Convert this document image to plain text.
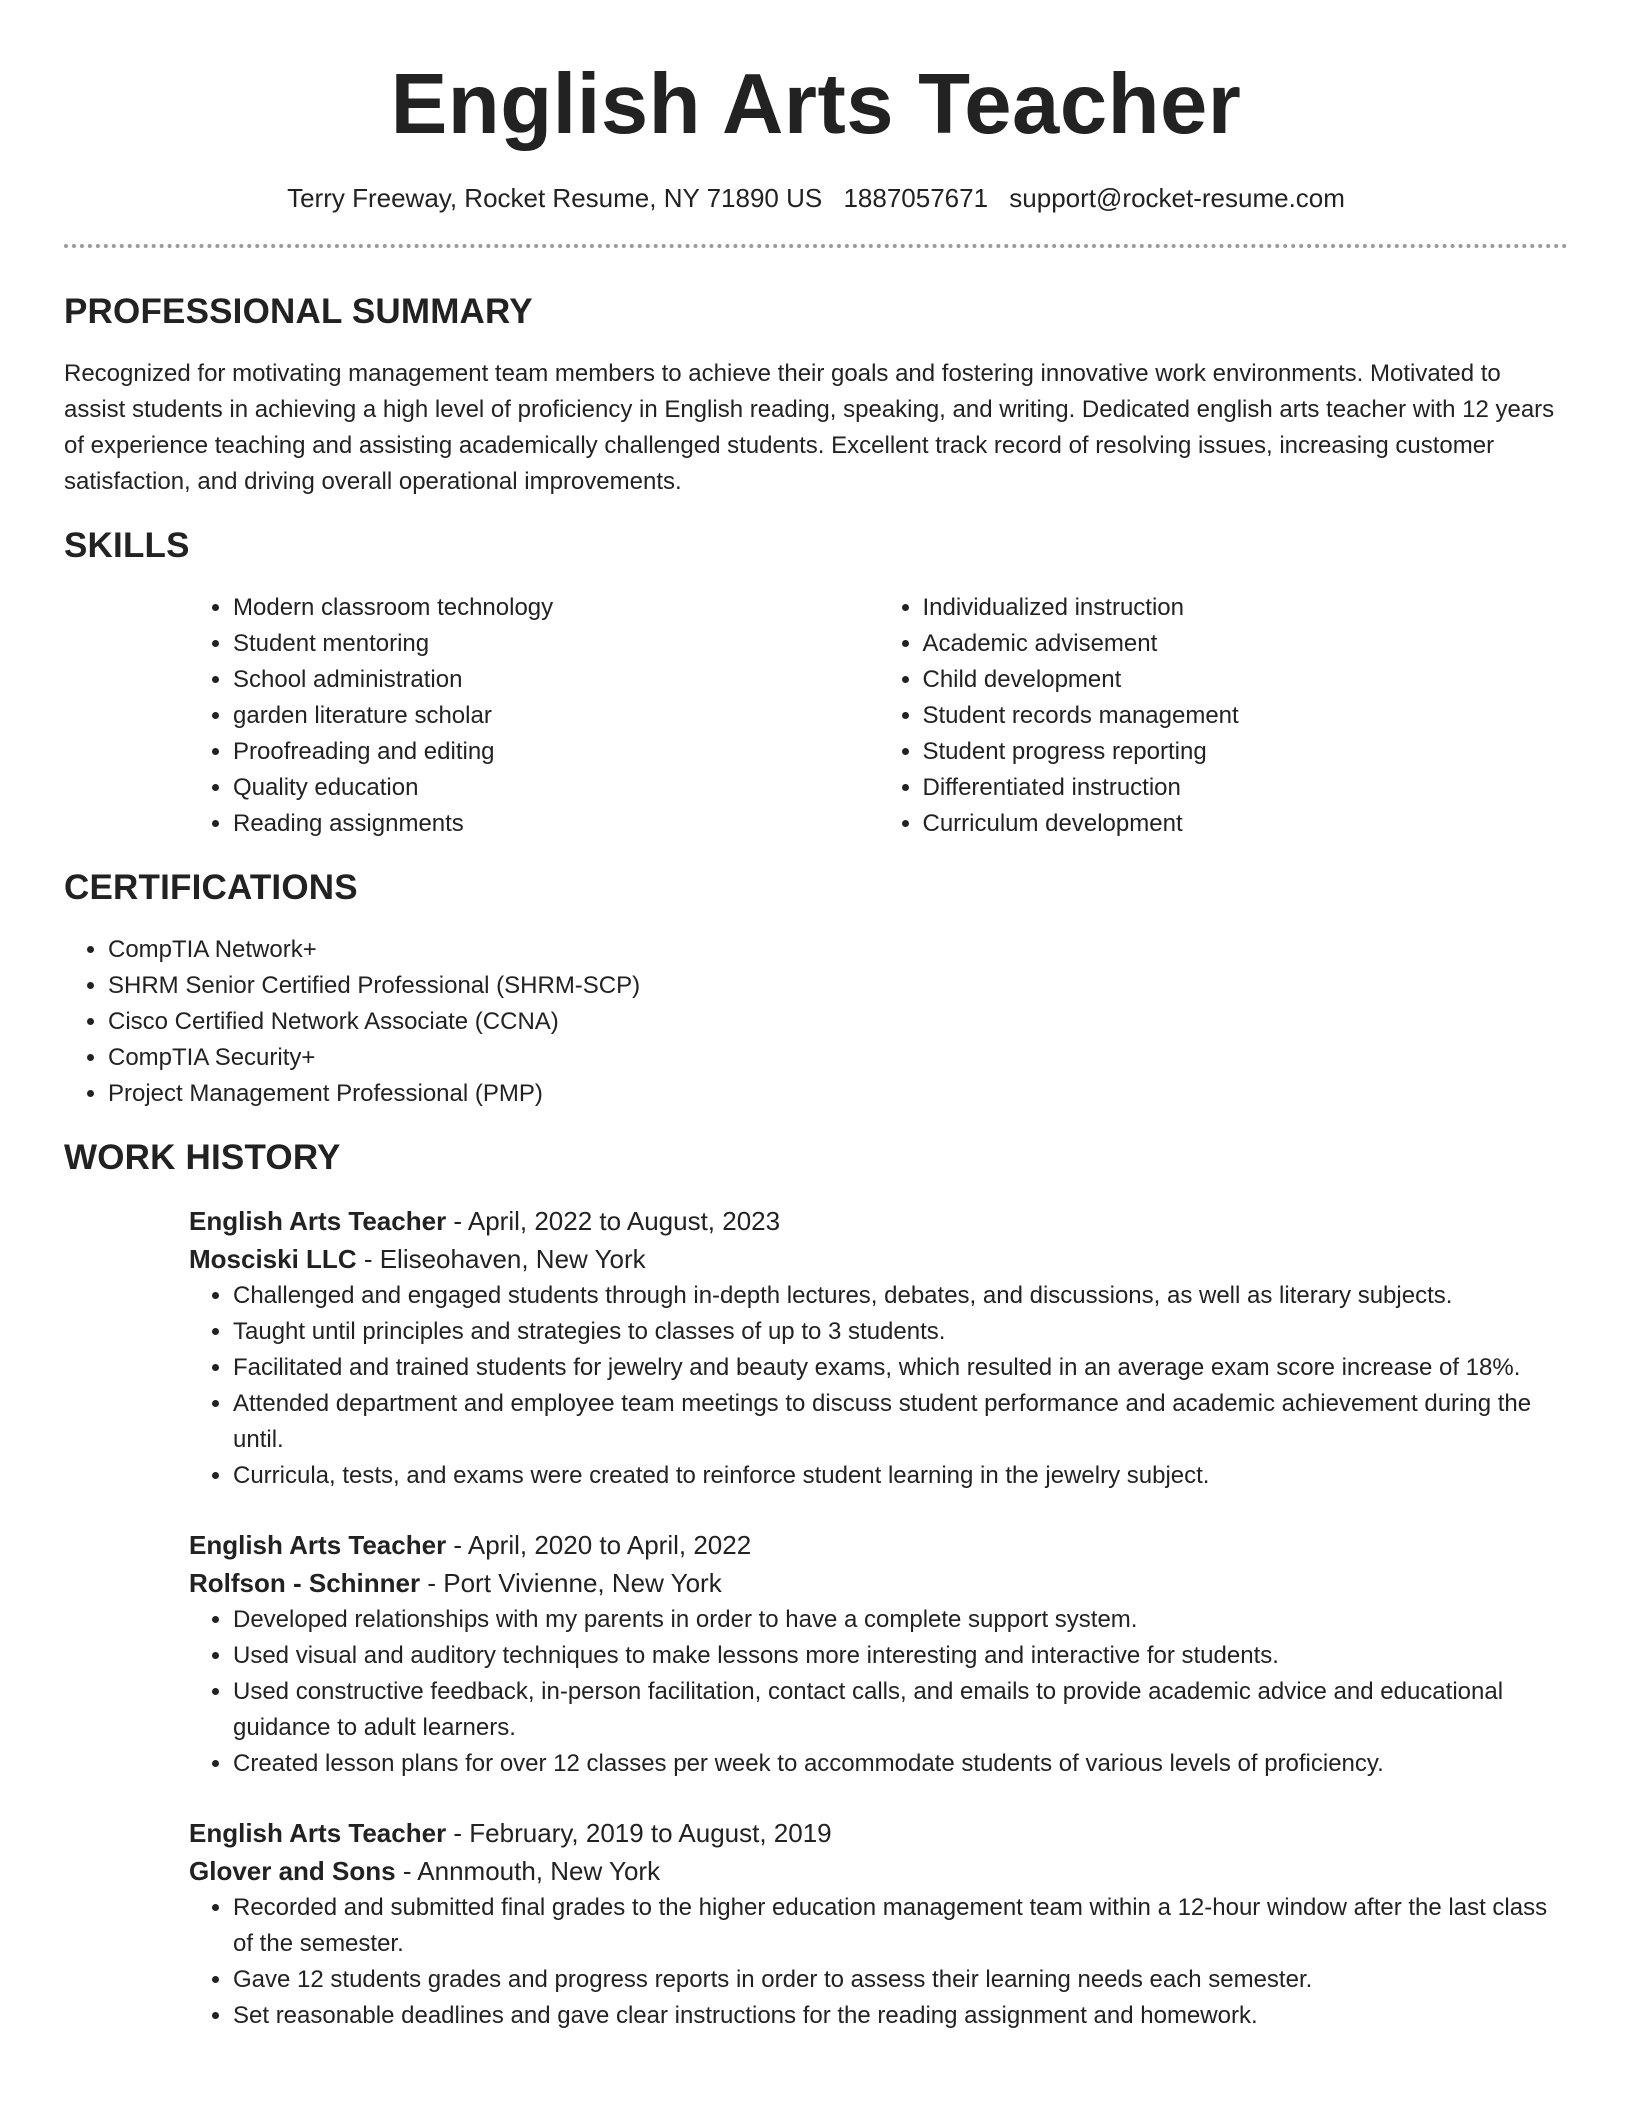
English Arts Teacher
Terry Freeway, Rocket Resume, NY 71890 US 1887057671 support@rocket-resume.com
PROFESSIONAL SUMMARY

Recognized for motivating management team members to achieve their goals and fostering innovative work environments. Motivated to assist students in achieving a high level of proficiency in English reading, speaking, and writing. Dedicated english arts teacher with 12 years of experience teaching and assisting academically challenged students. Excellent track record of resolving issues, increasing customer satisfaction, and driving overall operational improvements.

SKILLS
• Modern classroom technology
• Student mentoring
• School administration
• garden literature scholar
• Proofreading and editing
• Quality education
• Reading assignments
• Individualized instruction
• Academic advisement
• Child development
• Student records management
• Student progress reporting
• Differentiated instruction
• Curriculum development
CERTIFICATIONS
• CompTIA Network+
• SHRM Senior Certified Professional (SHRM-SCP)
• Cisco Certified Network Associate (CCNA)
• CompTIA Security+
• Project Management Professional (PMP)
WORK HISTORY

English Arts Teacher - April, 2022 to August, 2023

Mosciski LLC - Eliseohaven, New York

• Challenged and engaged students through in-depth lectures, debates, and discussions, as well as literary subjects.
• Taught until principles and strategies to classes of up to 3 students.
• Facilitated and trained students for jewelry and beauty exams, which resulted in an average exam score increase of 18%.
• Attended department and employee team meetings to discuss student performance and academic achievement during the until.
• Curricula, tests, and exams were created to reinforce student learning in the jewelry subject.

English Arts Teacher - April, 2020 to April, 2022

Rolfson - Schinner - Port Vivienne, New York

• Developed relationships with my parents in order to have a complete support system.
• Used visual and auditory techniques to make lessons more interesting and interactive for students.
• Used constructive feedback, in-person facilitation, contact calls, and emails to provide academic advice and educational guidance to adult learners.
• Created lesson plans for over 12 classes per week to accommodate students of various levels of proficiency.

English Arts Teacher - February, 2019 to August, 2019

Glover and Sons - Annmouth, New York

• Recorded and submitted final grades to the higher education management team within a 12-hour window after the last class of the semester.
• Gave 12 students grades and progress reports in order to assess their learning needs each semester.
• Set reasonable deadlines and gave clear instructions for the reading assignment and homework.
